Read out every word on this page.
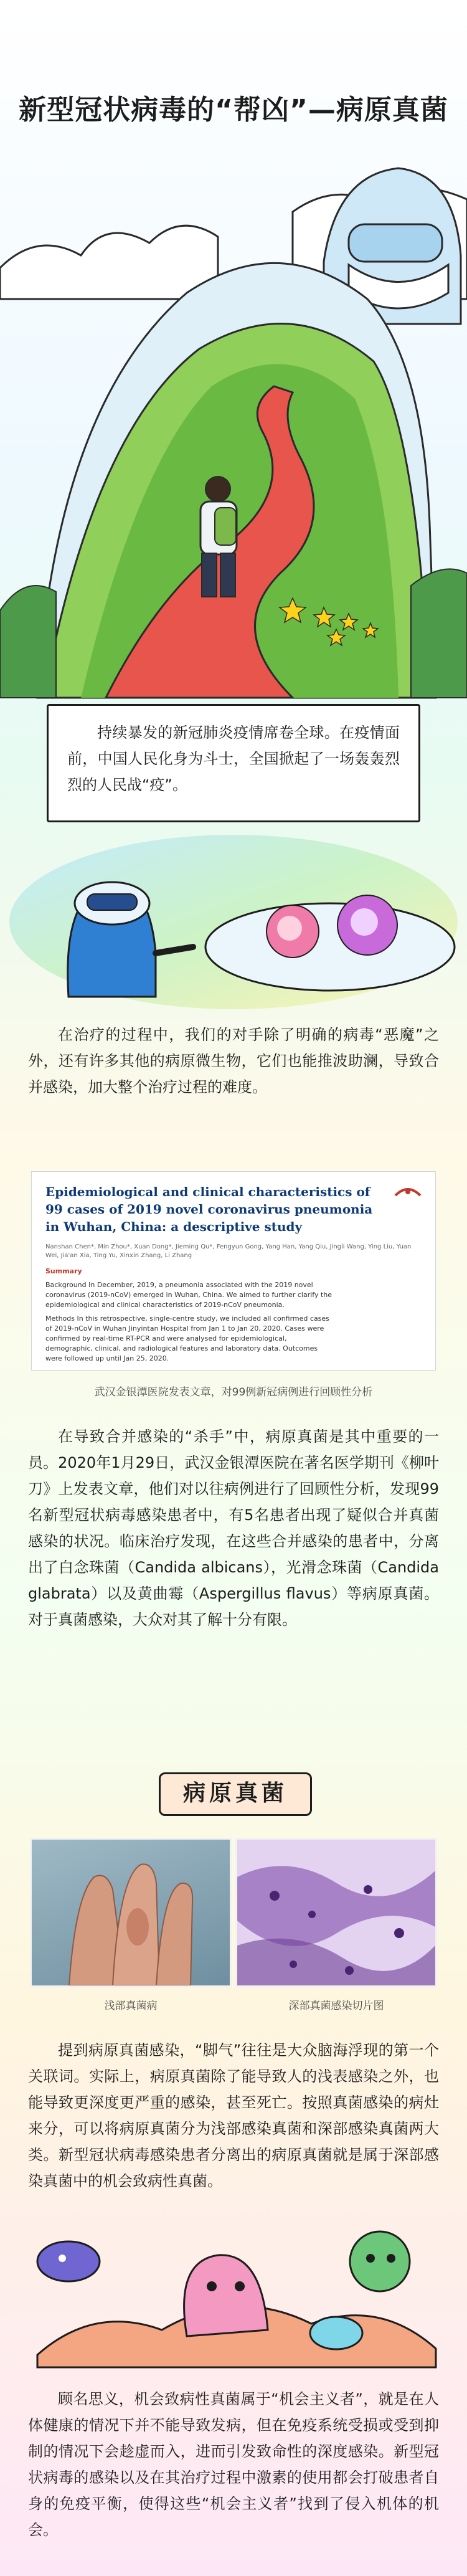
新型冠状病毒的“帮凶”—病原真菌

持续暴发的新冠肺炎疫情席卷全球。在疫情面前，中国人民化身为斗士，全国掀起了一场轰轰烈烈的人民战“疫”。

在治疗的过程中，我们的对手除了明确的病毒“恶魔”之外，还有许多其他的病原微生物，它们也能推波助澜，导致合并感染，加大整个治疗过程的难度。

Epidemiological and clinical characteristics of 99 cases of 2019 novel coronavirus pneumonia in Wuhan, China: a descriptive study
Nanshan Chen*, Min Zhou*, Xuan Dong*, Jieming Qu*, Fengyun Gong, Yang Han, Yang Qiu, Jingli Wang, Ying Liu, Yuan Wei, Jia'an Xia, Ting Yu, Xinxin Zhang, Li Zhang
Summary
Background In December, 2019, a pneumonia associated with the 2019 novel coronavirus (2019-nCoV) emerged in Wuhan, China. We aimed to further clarify the epidemiological and clinical characteristics of 2019-nCoV pneumonia.
Methods In this retrospective, single-centre study, we included all confirmed cases of 2019-nCoV in Wuhan Jinyintan Hospital from Jan 1 to Jan 20, 2020. Cases were confirmed by real-time RT-PCR and were analysed for epidemiological, demographic, clinical, and radiological features and laboratory data. Outcomes were followed up until Jan 25, 2020.
武汉金银潭医院发表文章，对99例新冠病例进行回顾性分析

在导致合并感染的“杀手”中，病原真菌是其中重要的一员。2020年1月29日，武汉金银潭医院在著名医学期刊《柳叶刀》上发表文章，他们对以往病例进行了回顾性分析，发现99名新型冠状病毒感染患者中，有5名患者出现了疑似合并真菌感染的状况。临床治疗发现，在这些合并感染的患者中，分离出了白念珠菌（Candida albicans），光滑念珠菌（Candida glabrata）以及黄曲霉（Aspergillus flavus）等病原真菌。对于真菌感染，大众对其了解十分有限。

病原真菌
浅部真菌病	深部真菌感染切片图

提到病原真菌感染，“脚气”往往是大众脑海浮现的第一个关联词。实际上，病原真菌除了能导致人的浅表感染之外，也能导致更深度更严重的感染，甚至死亡。按照真菌感染的病灶来分，可以将病原真菌分为浅部感染真菌和深部感染真菌两大类。新型冠状病毒感染患者分离出的病原真菌就是属于深部感染真菌中的机会致病性真菌。

顾名思义，机会致病性真菌属于“机会主义者”，就是在人体健康的情况下并不能导致发病，但在免疫系统受损或受到抑制的情况下会趁虚而入，进而引发致命性的深度感染。新型冠状病毒的感染以及在其治疗过程中激素的使用都会打破患者自身的免疫平衡，使得这些“机会主义者”找到了侵入机体的机会。
